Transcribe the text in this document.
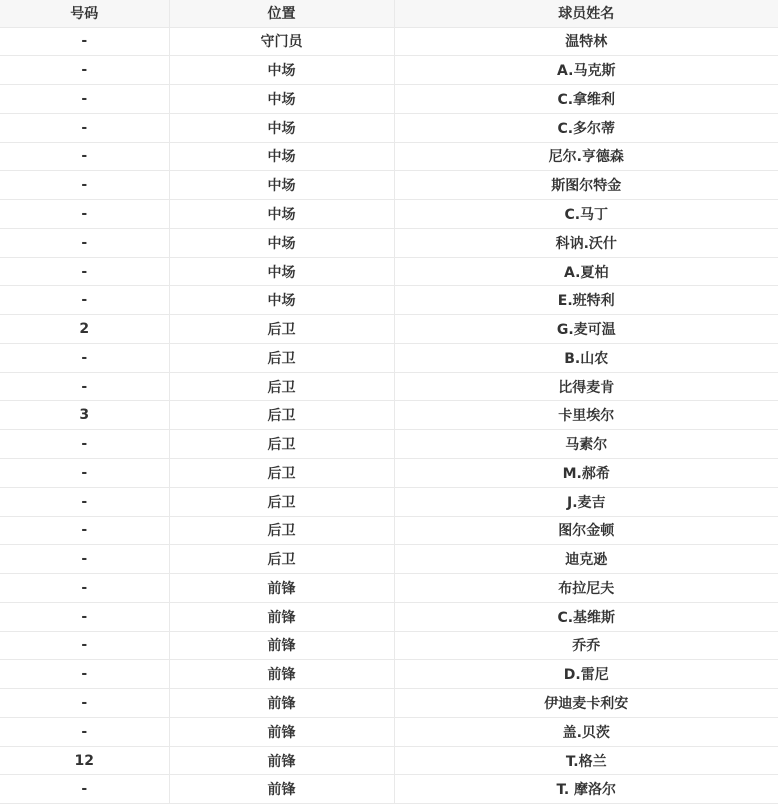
号码	位置	球员姓名
-	守门员	温特林
-	中场	A.马克斯
-	中场	C.拿维利
-	中场	C.多尔蒂
-	中场	尼尔.亨德森
-	中场	斯图尔特金
-	中场	C.马丁
-	中场	科讷.沃什
-	中场	A.夏柏
-	中场	E.班特利
2	后卫	G.麦可温
-	后卫	B.山农
-	后卫	比得麦肯
3	后卫	卡里埃尔
-	后卫	马素尔
-	后卫	M.郝希
-	后卫	J.麦吉
-	后卫	图尔金顿
-	后卫	迪克逊
-	前锋	布拉尼夫
-	前锋	C.基维斯
-	前锋	乔乔
-	前锋	D.雷尼
-	前锋	伊迪麦卡利安
-	前锋	盖.贝茨
12	前锋	T.格兰
-	前锋	T. 摩洛尔
